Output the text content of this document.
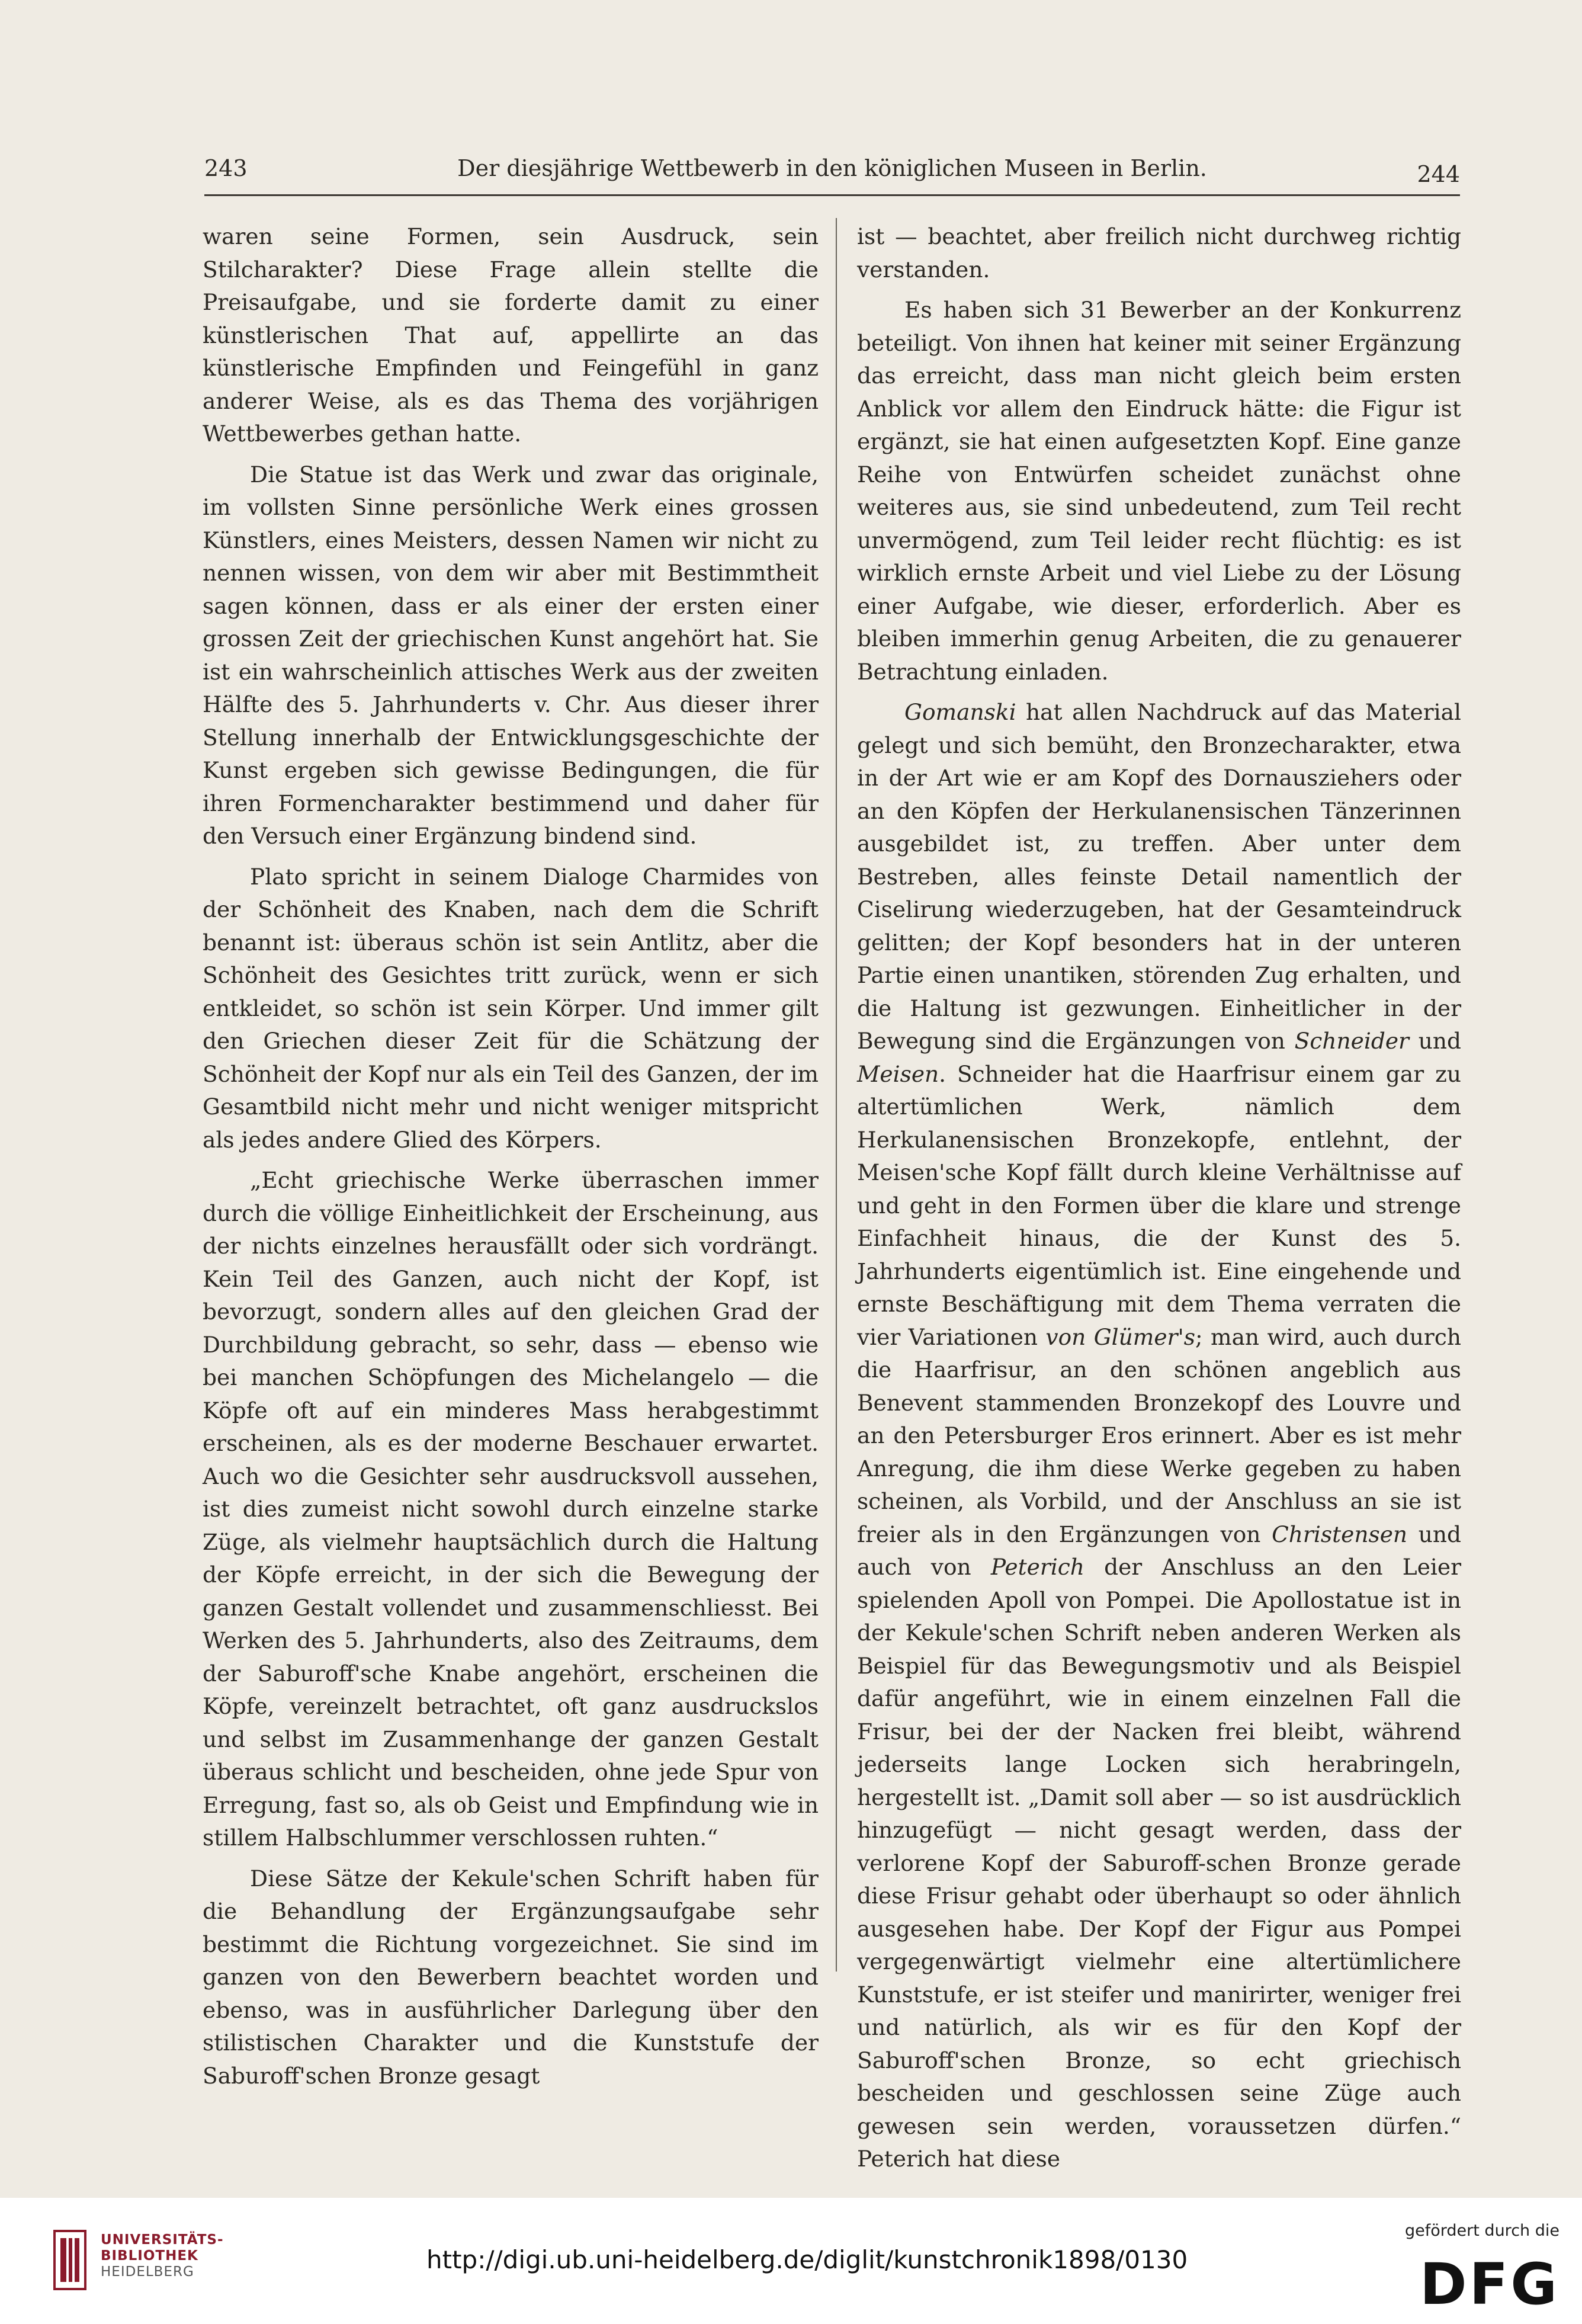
243	Der diesjährige Wettbewerb in den königlichen Museen in Berlin.	244

waren seine Formen, sein Ausdruck, sein Stilcharakter? Diese Frage allein stellte die Preisaufgabe, und sie forderte damit zu einer künstlerischen That auf, appellirte an das künstlerische Empfinden und Feingefühl in ganz anderer Weise, als es das Thema des vorjährigen Wettbewerbes gethan hatte.

Die Statue ist das Werk und zwar das originale, im vollsten Sinne persönliche Werk eines grossen Künstlers, eines Meisters, dessen Namen wir nicht zu nennen wissen, von dem wir aber mit Bestimmtheit sagen können, dass er als einer der ersten einer grossen Zeit der griechischen Kunst angehört hat. Sie ist ein wahrscheinlich attisches Werk aus der zweiten Hälfte des 5. Jahrhunderts v. Chr. Aus dieser ihrer Stellung innerhalb der Entwicklungsgeschichte der Kunst ergeben sich gewisse Bedingungen, die für ihren Formencharakter bestimmend und daher für den Versuch einer Ergänzung bindend sind.

Plato spricht in seinem Dialoge Charmides von der Schönheit des Knaben, nach dem die Schrift benannt ist: überaus schön ist sein Antlitz, aber die Schönheit des Gesichtes tritt zurück, wenn er sich entkleidet, so schön ist sein Körper. Und immer gilt den Griechen dieser Zeit für die Schätzung der Schönheit der Kopf nur als ein Teil des Ganzen, der im Gesamtbild nicht mehr und nicht weniger mitspricht als jedes andere Glied des Körpers.

„Echt griechische Werke überraschen immer durch die völlige Einheitlichkeit der Erscheinung, aus der nichts einzelnes herausfällt oder sich vordrängt. Kein Teil des Ganzen, auch nicht der Kopf, ist bevorzugt, sondern alles auf den gleichen Grad der Durchbildung gebracht, so sehr, dass — ebenso wie bei manchen Schöpfungen des Michelangelo — die Köpfe oft auf ein minderes Mass herabgestimmt erscheinen, als es der moderne Beschauer erwartet. Auch wo die Gesichter sehr ausdrucksvoll aussehen, ist dies zumeist nicht sowohl durch einzelne starke Züge, als vielmehr hauptsächlich durch die Haltung der Köpfe erreicht, in der sich die Bewegung der ganzen Gestalt vollendet und zusammenschliesst. Bei Werken des 5. Jahrhunderts, also des Zeitraums, dem der Saburoff'sche Knabe angehört, erscheinen die Köpfe, vereinzelt betrachtet, oft ganz ausdruckslos und selbst im Zusammenhange der ganzen Gestalt überaus schlicht und bescheiden, ohne jede Spur von Erregung, fast so, als ob Geist und Empfindung wie in stillem Halbschlummer verschlossen ruhten.“

Diese Sätze der Kekule'schen Schrift haben für die Behandlung der Ergänzungsaufgabe sehr bestimmt die Richtung vorgezeichnet. Sie sind im ganzen von den Bewerbern beachtet worden und ebenso, was in ausführlicher Darlegung über den stilistischen Charakter und die Kunststufe der Saburoff'schen Bronze gesagt

ist — beachtet, aber freilich nicht durchweg richtig verstanden.

Es haben sich 31 Bewerber an der Konkurrenz beteiligt. Von ihnen hat keiner mit seiner Ergänzung das erreicht, dass man nicht gleich beim ersten Anblick vor allem den Eindruck hätte: die Figur ist ergänzt, sie hat einen aufgesetzten Kopf. Eine ganze Reihe von Entwürfen scheidet zunächst ohne weiteres aus, sie sind unbedeutend, zum Teil recht unvermögend, zum Teil leider recht flüchtig: es ist wirklich ernste Arbeit und viel Liebe zu der Lösung einer Aufgabe, wie dieser, erforderlich. Aber es bleiben immerhin genug Arbeiten, die zu genauerer Betrachtung einladen.

Gomanski hat allen Nachdruck auf das Material gelegt und sich bemüht, den Bronzecharakter, etwa in der Art wie er am Kopf des Dornausziehers oder an den Köpfen der Herkulanensischen Tänzerinnen ausgebildet ist, zu treffen. Aber unter dem Bestreben, alles feinste Detail namentlich der Ciselirung wiederzugeben, hat der Gesamteindruck gelitten; der Kopf besonders hat in der unteren Partie einen unantiken, störenden Zug erhalten, und die Haltung ist gezwungen. Einheitlicher in der Bewegung sind die Ergänzungen von Schneider und Meisen. Schneider hat die Haarfrisur einem gar zu altertümlichen Werk, nämlich dem Herkulanensischen Bronzekopfe, entlehnt, der Meisen'sche Kopf fällt durch kleine Verhältnisse auf und geht in den Formen über die klare und strenge Einfachheit hinaus, die der Kunst des 5. Jahrhunderts eigentümlich ist. Eine eingehende und ernste Beschäftigung mit dem Thema verraten die vier Variationen von Glümer's; man wird, auch durch die Haarfrisur, an den schönen angeblich aus Benevent stammenden Bronzekopf des Louvre und an den Petersburger Eros erinnert. Aber es ist mehr Anregung, die ihm diese Werke gegeben zu haben scheinen, als Vorbild, und der Anschluss an sie ist freier als in den Ergänzungen von Christensen und auch von Peterich der Anschluss an den Leier spielenden Apoll von Pompei. Die Apollostatue ist in der Kekule'schen Schrift neben anderen Werken als Beispiel für das Bewegungsmotiv und als Beispiel dafür angeführt, wie in einem einzelnen Fall die Frisur, bei der der Nacken frei bleibt, während jederseits lange Locken sich herabringeln, hergestellt ist. „Damit soll aber — so ist ausdrücklich hinzugefügt — nicht gesagt werden, dass der verlorene Kopf der Saburoff-schen Bronze gerade diese Frisur gehabt oder überhaupt so oder ähnlich ausgesehen habe. Der Kopf der Figur aus Pompei vergegenwärtigt vielmehr eine altertümlichere Kunststufe, er ist steifer und manirirter, weniger frei und natürlich, als wir es für den Kopf der Saburoff'schen Bronze, so echt griechisch bescheiden und geschlossen seine Züge auch gewesen sein werden, voraussetzen dürfen.“ Peterich hat diese

UNIVERSITÄTS-
BIBLIOTHEK
HEIDELBERG	http://digi.ub.uni-heidelberg.de/diglit/kunstchronik1898/0130
gefördert durch die
DFG
